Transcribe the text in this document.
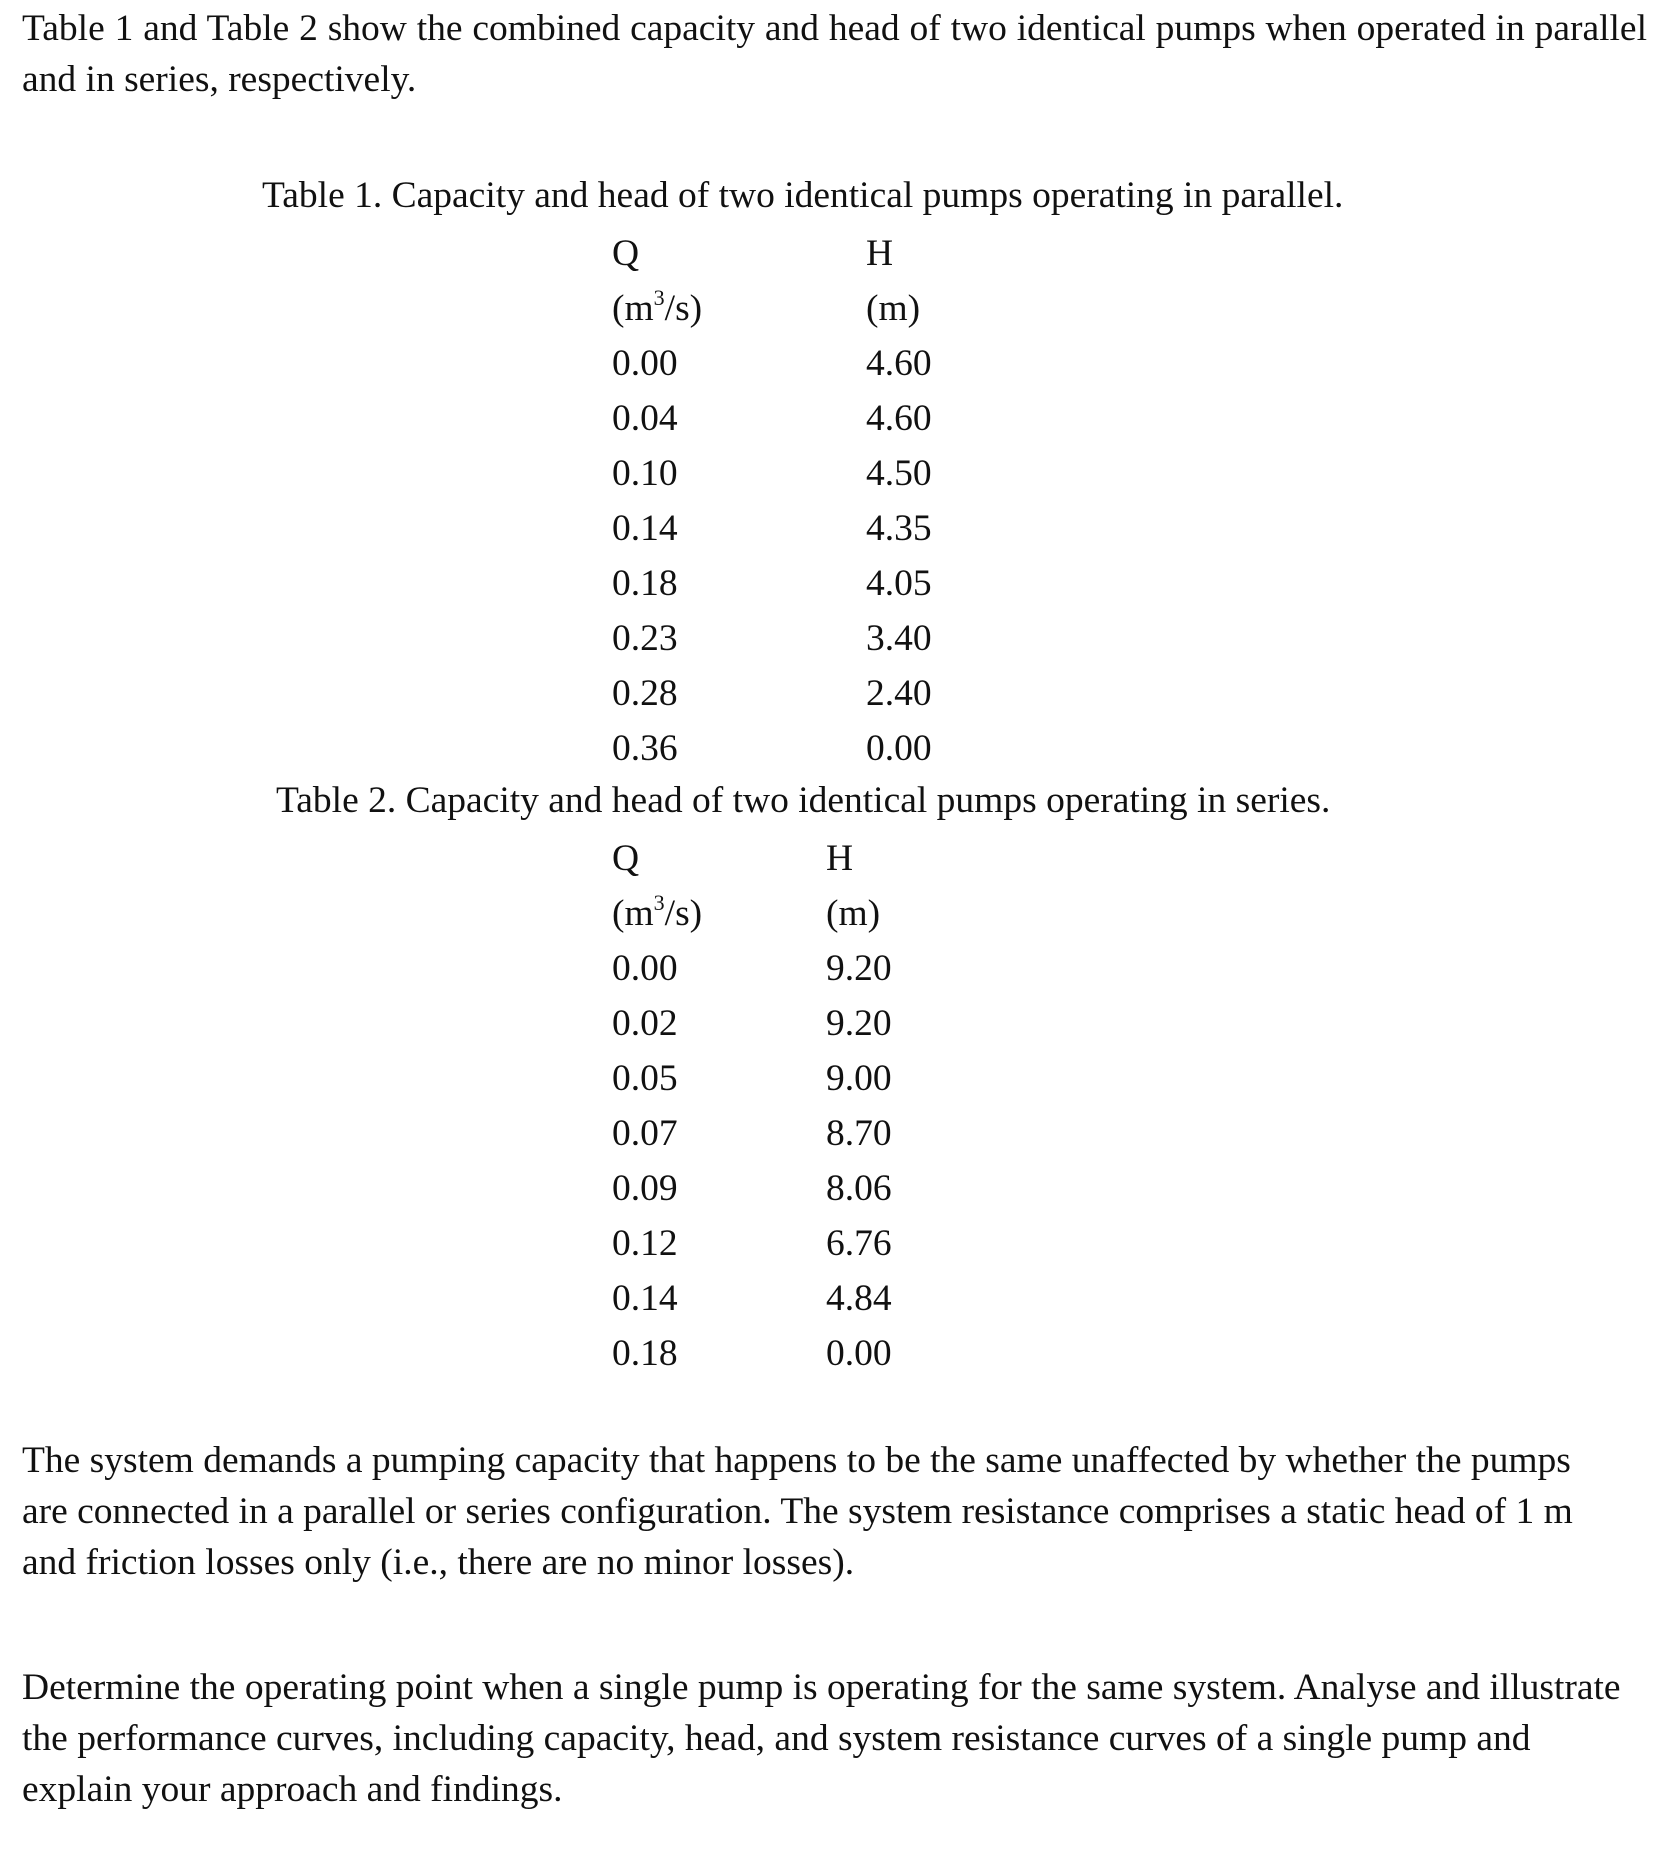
Table 1 and Table 2 show the combined capacity and head of two identical pumps when operated in parallel and in series, respectively.

Table 1. Capacity and head of two identical pumps operating in parallel.

Q	H
$(m^3/s)$	(m)
0.00	4.60
0.04	4.60
0.10	4.50
0.14	4.35
0.18	4.05
0.23	3.40
0.28	2.40
0.36	0.00

Table 2. Capacity and head of two identical pumps operating in series.

Q	H
$(m^3/s)$	(m)
0.00	9.20
0.02	9.20
0.05	9.00
0.07	8.70
0.09	8.06
0.12	6.76
0.14	4.84
0.18	0.00

The system demands a pumping capacity that happens to be the same unaffected by whether the pumps are connected in a parallel or series configuration. The system resistance comprises a static head of 1 m and friction losses only (i.e., there are no minor losses).

Determine the operating point when a single pump is operating for the same system. Analyse and illustrate the performance curves, including capacity, head, and system resistance curves of a single pump and explain your approach and findings.
